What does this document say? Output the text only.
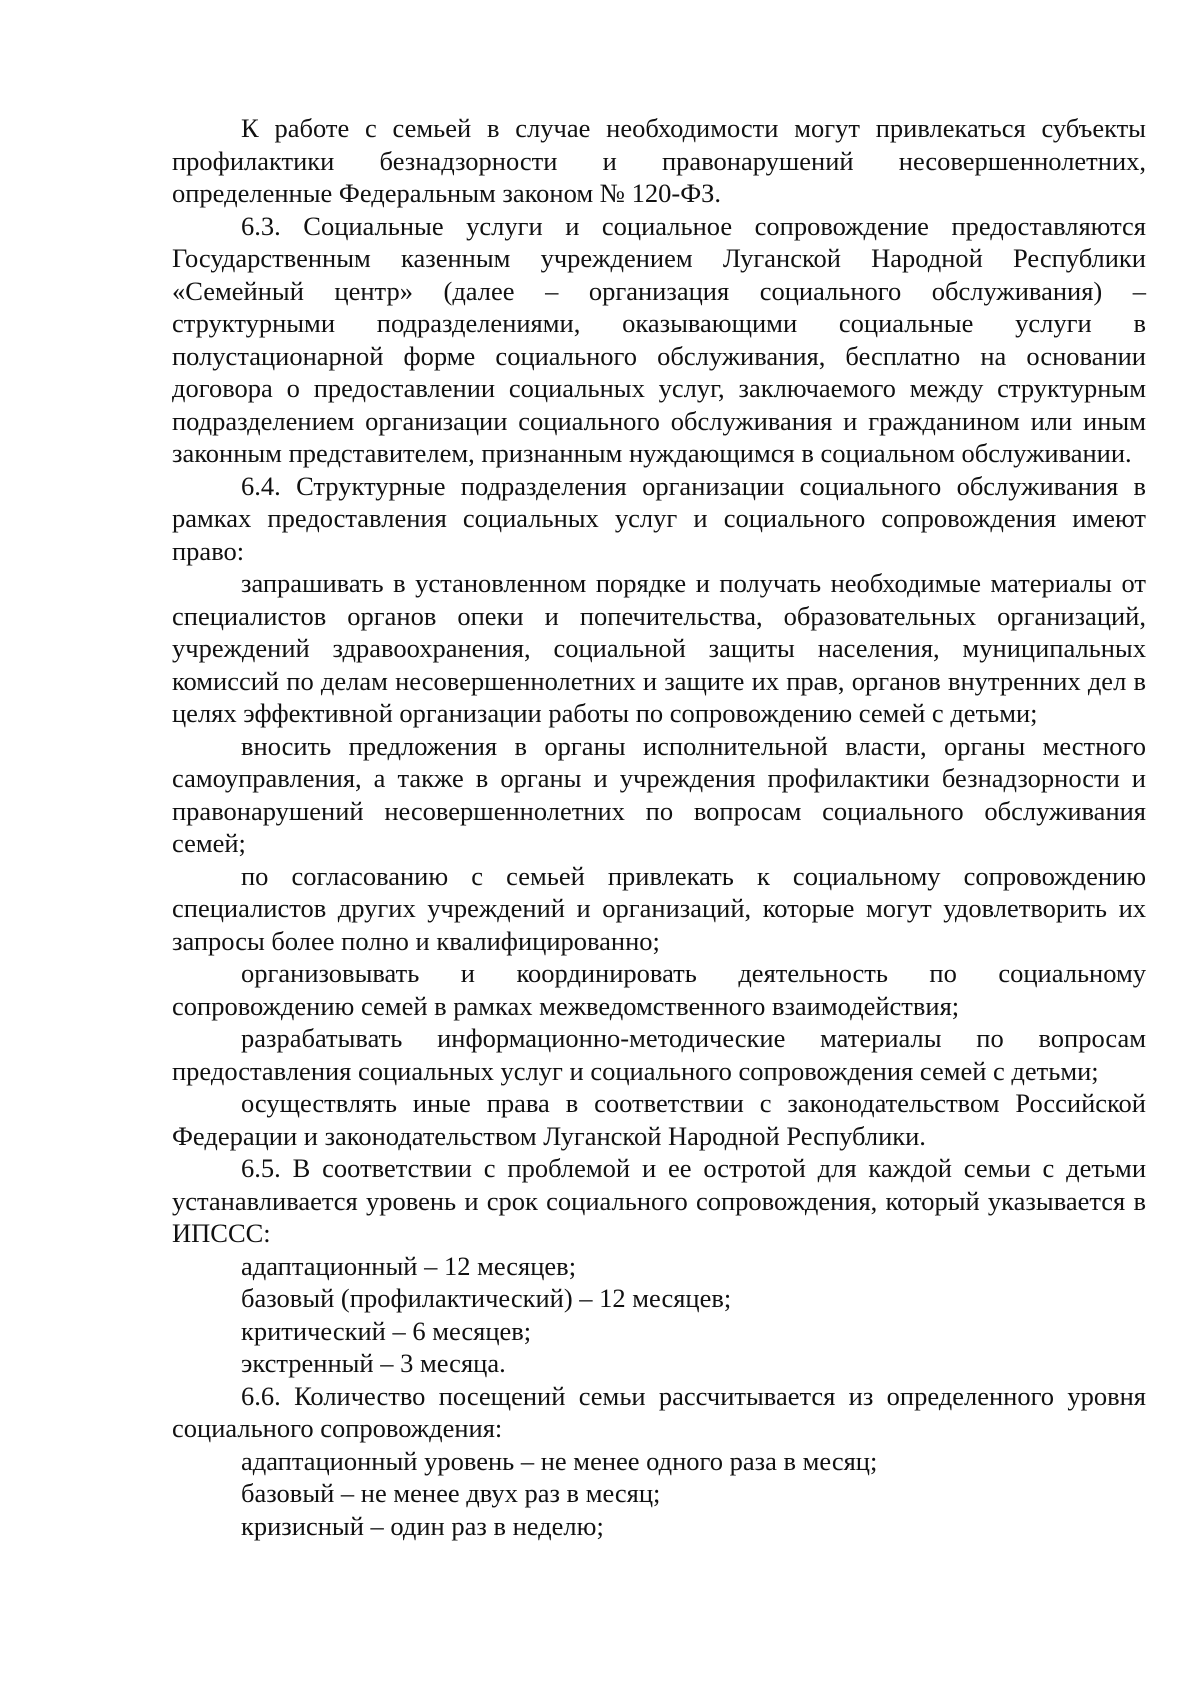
К работе с семьей в случае необходимости могут привлекаться субъекты профилактики безнадзорности и правонарушений несовершеннолетних, определенные Федеральным законом № 120-ФЗ.

6.3. Социальные услуги и социальное сопровождение предоставляются Государственным казенным учреждением Луганской Народной Республики «Семейный центр» (далее – организация социального обслуживания) – структурными подразделениями, оказывающими социальные услуги в полустационарной форме социального обслуживания, бесплатно на основании договора о предоставлении социальных услуг, заключаемого между структурным подразделением организации социального обслуживания и гражданином или иным законным представителем, признанным нуждающимся в социальном обслуживании.

6.4. Структурные подразделения организации социального обслуживания в рамках предоставления социальных услуг и социального сопровождения имеют право:

запрашивать в установленном порядке и получать необходимые материалы от специалистов органов опеки и попечительства, образовательных организаций, учреждений здравоохранения, социальной защиты населения, муниципальных комиссий по делам несовершеннолетних и защите их прав, органов внутренних дел в целях эффективной организации работы по сопровождению семей с детьми;

вносить предложения в органы исполнительной власти, органы местного самоуправления, а также в органы и учреждения профилактики безнадзорности и правонарушений несовершеннолетних по вопросам социального обслуживания семей;

по согласованию с семьей привлекать к социальному сопровождению специалистов других учреждений и организаций, которые могут удовлетворить их запросы более полно и квалифицированно;

организовывать и координировать деятельность по социальному сопровождению семей в рамках межведомственного взаимодействия;

разрабатывать информационно-методические материалы по вопросам предоставления социальных услуг и социального сопровождения семей с детьми;

осуществлять иные права в соответствии с законодательством Российской Федерации и законодательством Луганской Народной Республики.

6.5. В соответствии с проблемой и ее остротой для каждой семьи с детьми устанавливается уровень и срок социального сопровождения, который указывается в ИПССС:

адаптационный – 12 месяцев;

базовый (профилактический) – 12 месяцев;

критический – 6 месяцев;

экстренный – 3 месяца.

6.6. Количество посещений семьи рассчитывается из определенного уровня социального сопровождения:

адаптационный уровень – не менее одного раза в месяц;

базовый – не менее двух раз в месяц;

кризисный – один раз в неделю;
